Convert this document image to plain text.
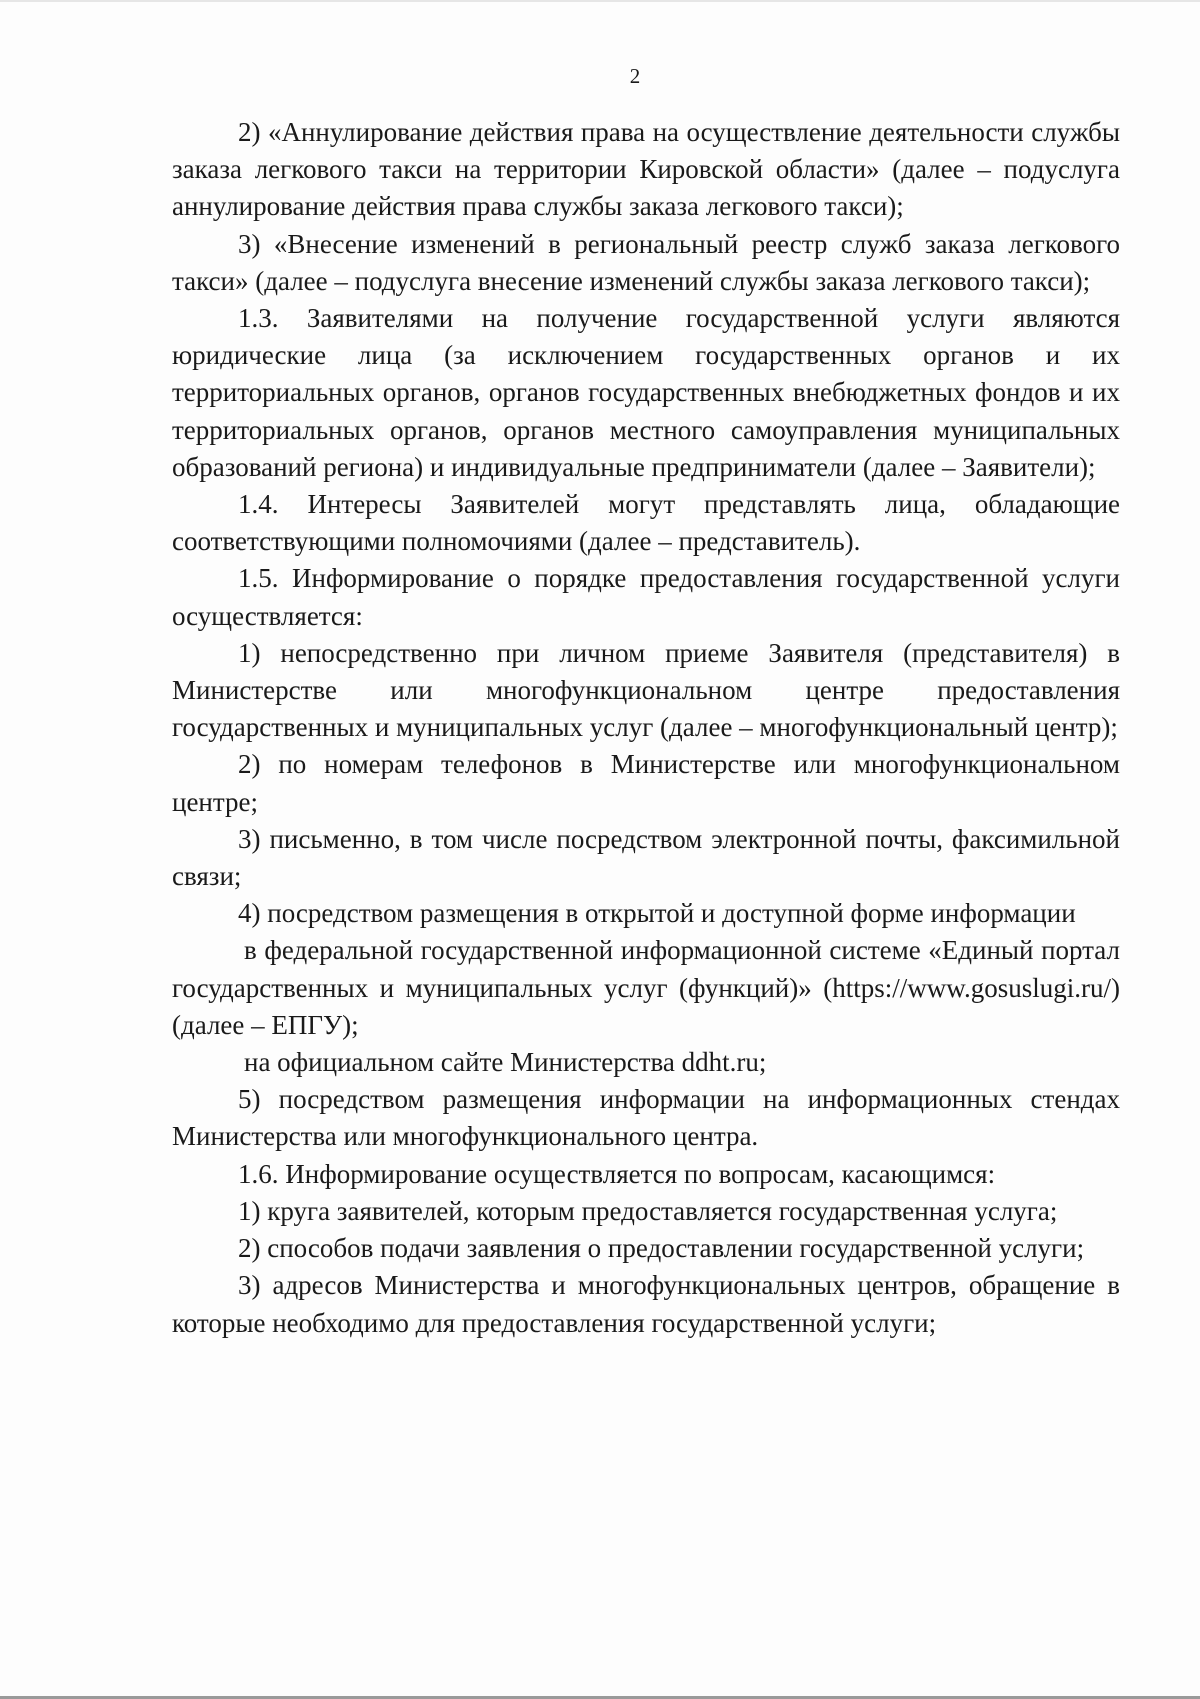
2

2) «Аннулирование действия права на осуществление деятельности службы заказа легкового такси на территории Кировской области» (далее – подуслуга аннулирование действия права службы заказа легкового такси);

3) «Внесение изменений в региональный реестр служб заказа легкового такси» (далее – подуслуга внесение изменений службы заказа легкового такси);

1.3. Заявителями на получение государственной услуги являются юридические лица (за исключением государственных органов и их территориальных органов, органов государственных внебюджетных фондов и их территориальных органов, органов местного самоуправления муниципальных образований региона) и индивидуальные предприниматели (далее – Заявители);

1.4. Интересы Заявителей могут представлять лица, обладающие соответствующими полномочиями (далее – представитель).

1.5. Информирование о порядке предоставления государственной услуги осуществляется:

1) непосредственно при личном приеме Заявителя (представителя) в Министерстве или многофункциональном центре предоставления государственных и муниципальных услуг (далее – многофункциональный центр);

2) по номерам телефонов в Министерстве или многофункциональном центре;

3) письменно, в том числе посредством электронной почты, факсимильной связи;

4) посредством размещения в открытой и доступной форме информации

в федеральной государственной информационной системе «Единый портал государственных и муниципальных услуг (функций)» (https://www.gosuslugi.ru/) (далее – ЕПГУ);

на официальном сайте Министерства ddht.ru;

5) посредством размещения информации на информационных стендах Министерства или многофункционального центра.

1.6. Информирование осуществляется по вопросам, касающимся:

1) круга заявителей, которым предоставляется государственная услуга;

2) способов подачи заявления о предоставлении государственной услуги;

3) адресов Министерства и многофункциональных центров, обращение в которые необходимо для предоставления государственной услуги;
